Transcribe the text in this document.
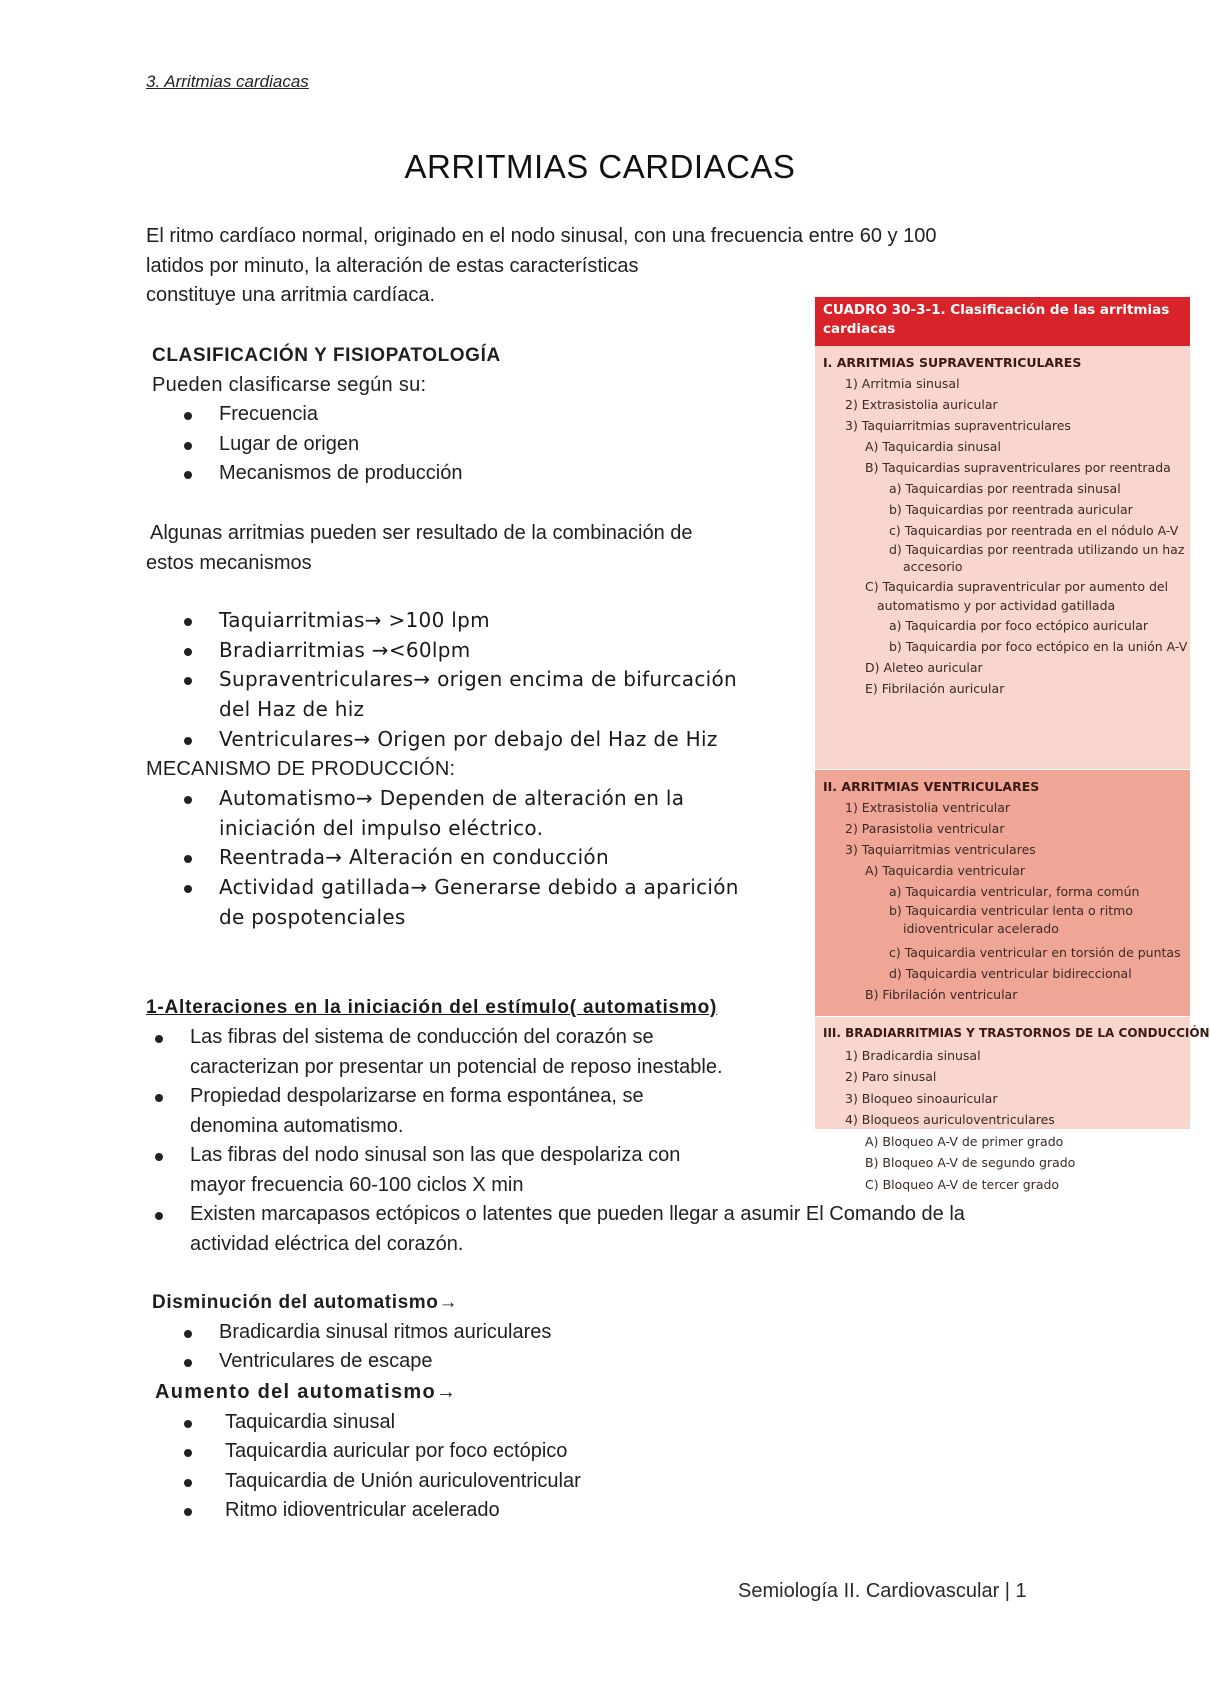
3. Arritmias cardiacas
ARRITMIAS CARDIACAS
El ritmo cardíaco normal, originado en el nodo sinusal, con una frecuencia entre 60 y 100
latidos por minuto, la alteración de estas características
constituye una arritmia cardíaca.
CLASIFICACIÓN Y FISIOPATOLOGÍA
Pueden clasificarse según su:
Frecuencia
Lugar de origen
Mecanismos de producción
Algunas arritmias pueden ser resultado de la combinación de
estos mecanismos
Taquiarritmias→ >100 lpm
Bradiarritmias →<60lpm
Supraventriculares→ origen encima de bifurcación
del Haz de hiz
Ventriculares→ Origen por debajo del Haz de Hiz
MECANISMO DE PRODUCCIÓN:
Automatismo→ Dependen de alteración en la
iniciación del impulso eléctrico.
Reentrada→ Alteración en conducción
Actividad gatillada→ Generarse debido a aparición
de pospotenciales
1-Alteraciones en la iniciación del estímulo( automatismo)
Las fibras del sistema de conducción del corazón se
caracterizan por presentar un potencial de reposo inestable.
Propiedad despolarizarse en forma espontánea, se
denomina automatismo.
Las fibras del nodo sinusal son las que despolariza con
mayor frecuencia 60-100 ciclos X min
Existen marcapasos ectópicos o latentes que pueden llegar a asumir El Comando de la
actividad eléctrica del corazón.
Disminución del automatismo→
Bradicardia sinusal ritmos auriculares
Ventriculares de escape
Aumento del automatismo→
Taquicardia sinusal
Taquicardia auricular por foco ectópico
Taquicardia de Unión auriculoventricular
Ritmo idioventricular acelerado
CUADRO 30-3-1. Clasificación de las arritmias
cardiacas
I. ARRITMIAS SUPRAVENTRICULARES
1) Arritmia sinusal
2) Extrasistolia auricular
3) Taquiarritmias supraventriculares
A) Taquicardia sinusal
B) Taquicardias supraventriculares por reentrada
a) Taquicardias por reentrada sinusal
b) Taquicardias por reentrada auricular
c) Taquicardias por reentrada en el nódulo A-V
d) Taquicardias por reentrada utilizando un haz
accesorio
C) Taquicardia supraventricular por aumento del
automatismo y por actividad gatillada
a) Taquicardia por foco ectópico auricular
b) Taquicardia por foco ectópico en la unión A-V
D) Aleteo auricular
E) Fibrilación auricular
II. ARRITMIAS VENTRICULARES
1) Extrasistolia ventricular
2) Parasistolia ventricular
3) Taquiarritmias ventriculares
A) Taquicardia ventricular
a) Taquicardia ventricular, forma común
b) Taquicardia ventricular lenta o ritmo
idioventricular acelerado
c) Taquicardia ventricular en torsión de puntas
d) Taquicardia ventricular bidireccional
B) Fibrilación ventricular
III. BRADIARRITMIAS Y TRASTORNOS DE LA CONDUCCIÓN
1) Bradicardia sinusal
2) Paro sinusal
3) Bloqueo sinoauricular
4) Bloqueos auriculoventriculares
A) Bloqueo A-V de primer grado
B) Bloqueo A-V de segundo grado
C) Bloqueo A-V de tercer grado
Semiología II. Cardiovascular | 1
